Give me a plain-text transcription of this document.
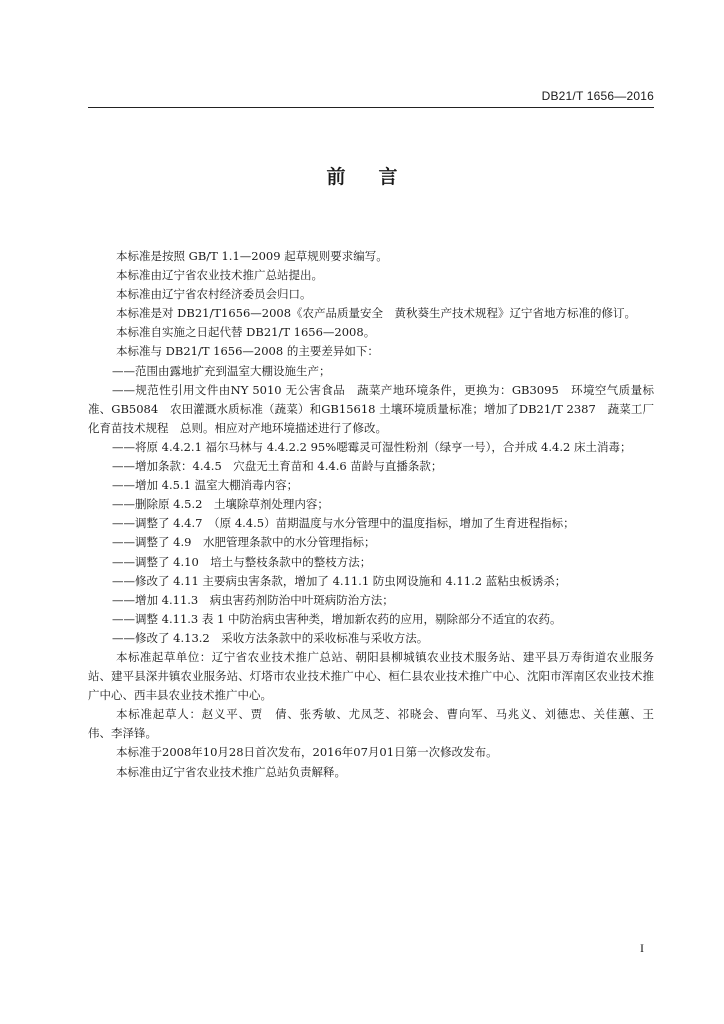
DB21/T 1656—2016
前言

本标准是按照 GB/T 1.1—2009 起草规则要求编写。

本标准由辽宁省农业技术推广总站提出。

本标准由辽宁省农村经济委员会归口。

本标准是对 DB21/T1656—2008《农产品质量安全　黄秋葵生产技术规程》辽宁省地方标准的修订。

本标准自实施之日起代替 DB21/T 1656—2008。

本标准与 DB21/T 1656—2008 的主要差异如下：

——范围由露地扩充到温室大棚设施生产；

——规范性引用文件由NY 5010 无公害食品　蔬菜产地环境条件，更换为：GB3095　环境空气质量标准、GB5084　农田灌溉水质标准（蔬菜）和GB15618 土壤环境质量标准；增加了DB21/T 2387　蔬菜工厂化育苗技术规程　总则。相应对产地环境描述进行了修改。

——将原 4.4.2.1 福尔马林与 4.4.2.2 95%噁霉灵可湿性粉剂（绿亨一号），合并成 4.4.2 床土消毒；

——增加条款：4.4.5　穴盘无土育苗和 4.4.6 苗龄与直播条款；

——增加 4.5.1 温室大棚消毒内容；

——删除原 4.5.2　土壤除草剂处理内容；

——调整了 4.4.7　（原 4.4.5）苗期温度与水分管理中的温度指标，增加了生育进程指标；

——调整了 4.9　水肥管理条款中的水分管理指标；

——调整了 4.10　培土与整枝条款中的整枝方法；

——修改了 4.11 主要病虫害条款，增加了 4.11.1 防虫网设施和 4.11.2 蓝粘虫板诱杀；

——增加 4.11.3　病虫害药剂防治中叶斑病防治方法；

——调整 4.11.3 表 1 中防治病虫害种类，增加新农药的应用，剔除部分不适宜的农药。

——修改了 4.13.2　采收方法条款中的采收标准与采收方法。

本标准起草单位：辽宁省农业技术推广总站、朝阳县柳城镇农业技术服务站、建平县万寿街道农业服务站、建平县深井镇农业服务站、灯塔市农业技术推广中心、桓仁县农业技术推广中心、沈阳市浑南区农业技术推广中心、西丰县农业技术推广中心。

本标准起草人：赵义平、贾　倩、张秀敏、尤凤芝、祁晓会、曹向军、马兆义、刘德忠、关佳蕙、王　伟、李泽锋。

本标准于2008年10月28日首次发布，2016年07月01日第一次修改发布。

本标准由辽宁省农业技术推广总站负责解释。

I
